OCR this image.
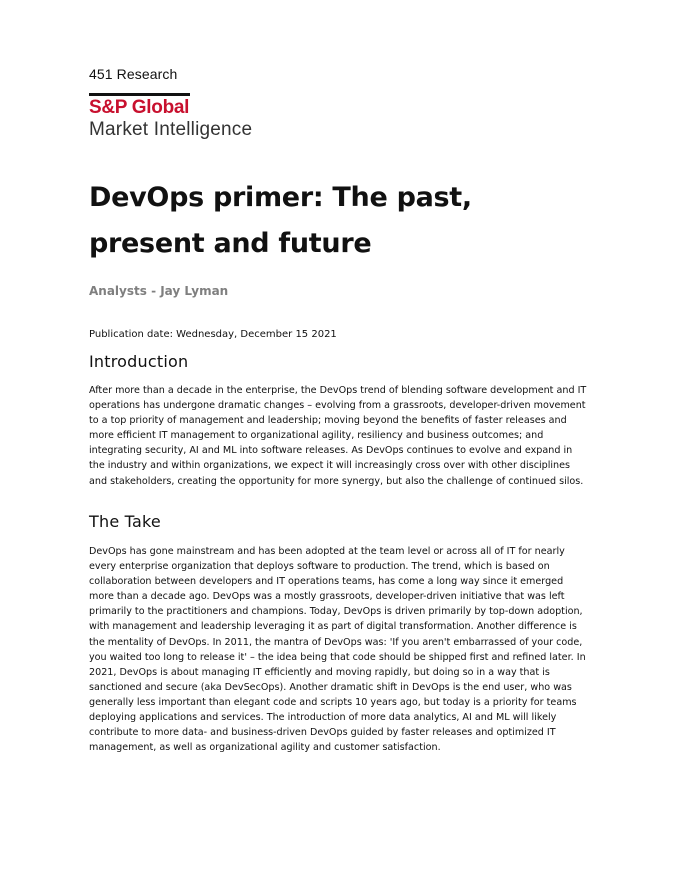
451 Research
S&P Global
Market Intelligence
DevOps primer: The past, present and future
Analysts - Jay Lyman
Publication date: Wednesday, December 15 2021
Introduction

After more than a decade in the enterprise, the DevOps trend of blending software development and IT operations has undergone dramatic changes – evolving from a grassroots, developer-driven movement to a top priority of management and leadership; moving beyond the benefits of faster releases and more efficient IT management to organizational agility, resiliency and business outcomes; and integrating security, AI and ML into software releases. As DevOps continues to evolve and expand in the industry and within organizations, we expect it will increasingly cross over with other disciplines and stakeholders, creating the opportunity for more synergy, but also the challenge of continued silos.

The Take

DevOps has gone mainstream and has been adopted at the team level or across all of IT for nearly every enterprise organization that deploys software to production. The trend, which is based on collaboration between developers and IT operations teams, has come a long way since it emerged more than a decade ago. DevOps was a mostly grassroots, developer-driven initiative that was left primarily to the practitioners and champions. Today, DevOps is driven primarily by top-down adoption, with management and leadership leveraging it as part of digital transformation. Another difference is the mentality of DevOps. In 2011, the mantra of DevOps was: 'If you aren't embarrassed of your code, you waited too long to release it' – the idea being that code should be shipped first and refined later. In 2021, DevOps is about managing IT efficiently and moving rapidly, but doing so in a way that is sanctioned and secure (aka DevSecOps). Another dramatic shift in DevOps is the end user, who was generally less important than elegant code and scripts 10 years ago, but today is a priority for teams deploying applications and services. The introduction of more data analytics, AI and ML will likely contribute to more data- and business-driven DevOps guided by faster releases and optimized IT management, as well as organizational agility and customer satisfaction.
